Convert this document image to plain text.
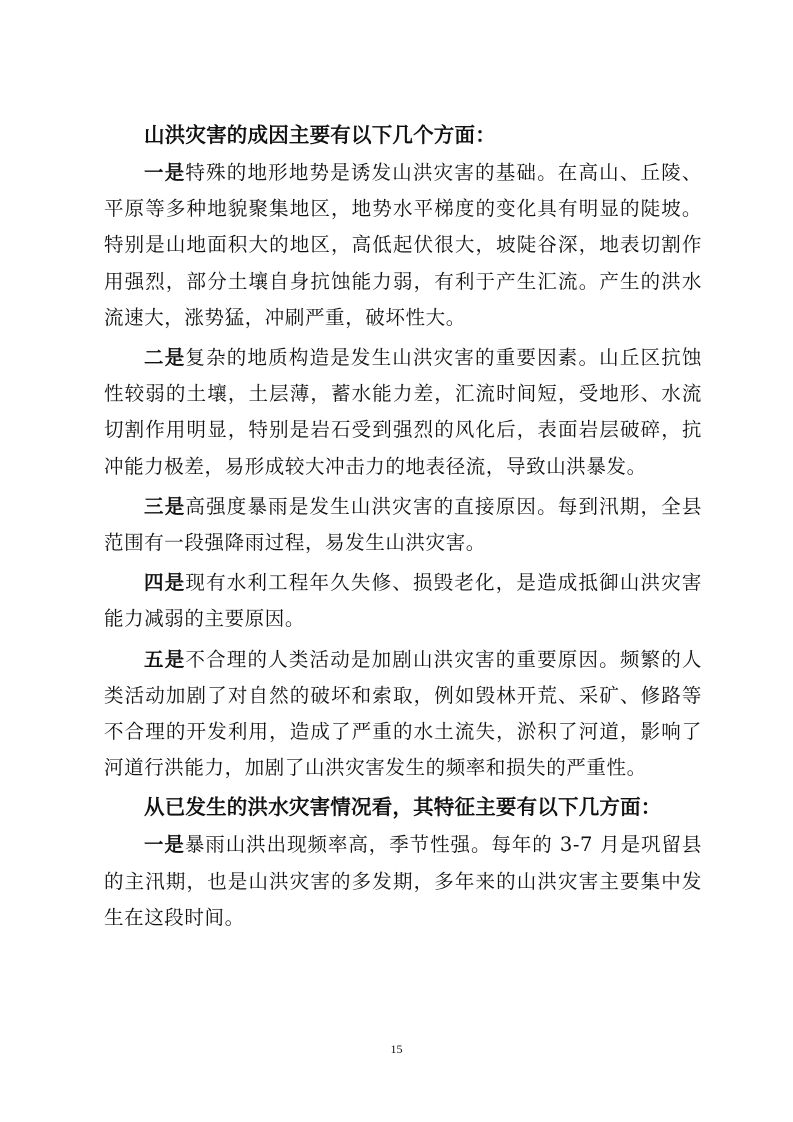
山洪灾害的成因主要有以下几个方面：

一是特殊的地形地势是诱发山洪灾害的基础。在高山、丘陵、平原等多种地貌聚集地区，地势水平梯度的变化具有明显的陡坡。特别是山地面积大的地区，高低起伏很大，坡陡谷深，地表切割作用强烈，部分土壤自身抗蚀能力弱，有利于产生汇流。产生的洪水流速大，涨势猛，冲刷严重，破坏性大。

二是复杂的地质构造是发生山洪灾害的重要因素。山丘区抗蚀性较弱的土壤，土层薄，蓄水能力差，汇流时间短，受地形、水流切割作用明显，特别是岩石受到强烈的风化后，表面岩层破碎，抗冲能力极差，易形成较大冲击力的地表径流，导致山洪暴发。

三是高强度暴雨是发生山洪灾害的直接原因。每到汛期，全县范围有一段强降雨过程，易发生山洪灾害。

四是现有水利工程年久失修、损毁老化，是造成抵御山洪灾害能力减弱的主要原因。

五是不合理的人类活动是加剧山洪灾害的重要原因。频繁的人类活动加剧了对自然的破坏和索取，例如毁林开荒、采矿、修路等不合理的开发利用，造成了严重的水土流失，淤积了河道，影响了河道行洪能力，加剧了山洪灾害发生的频率和损失的严重性。

从已发生的洪水灾害情况看，其特征主要有以下几方面：

一是暴雨山洪出现频率高，季节性强。每年的 3-7 月是巩留县的主汛期，也是山洪灾害的多发期，多年来的山洪灾害主要集中发生在这段时间。

15
